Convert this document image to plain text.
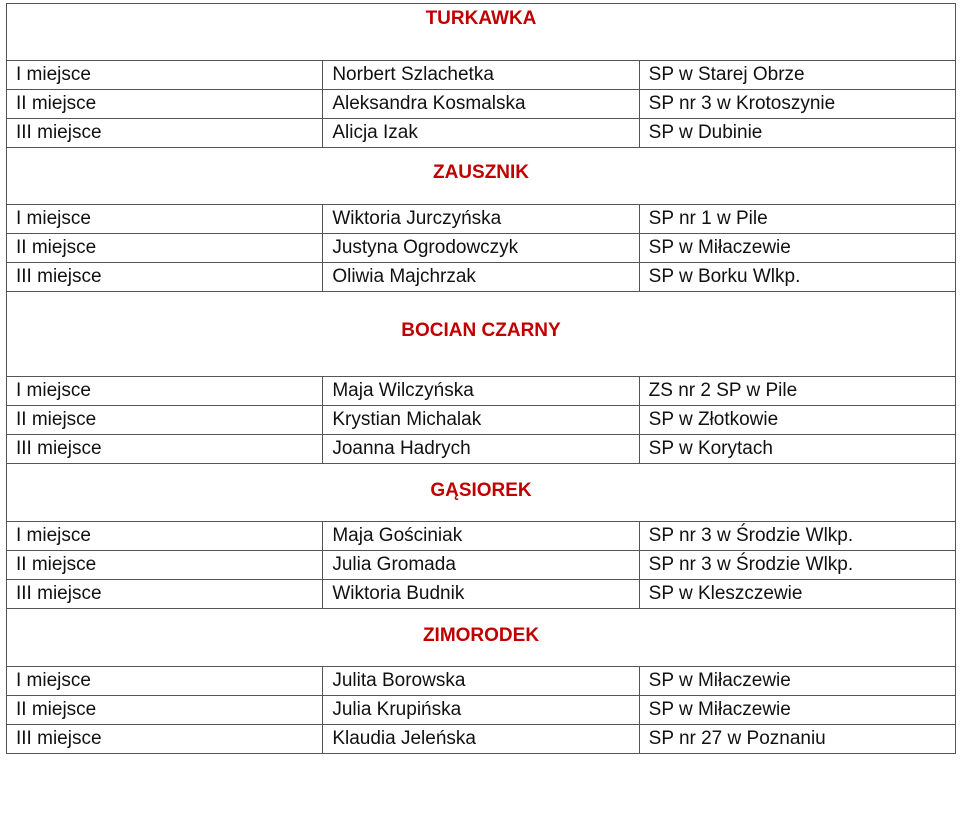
TURKAWKA		

I miejsce	Norbert Szlachetka	SP w Starej Obrze
II miejsce	Aleksandra Kosmalska	SP nr 3 w Krotoszynie
III miejsce	Alicja Izak	SP w Dubinie

ZAUSZNIK		

I miejsce	Wiktoria Jurczyńska	SP nr 1 w Pile
II miejsce	Justyna Ogrodowczyk	SP w Miłaczewie
III miejsce	Oliwia Majchrzak	SP w Borku Wlkp.

BOCIAN CZARNY		

I miejsce	Maja Wilczyńska	ZS nr 2 SP w Pile
II miejsce	Krystian Michalak	SP w Złotkowie
III miejsce	Joanna Hadrych	SP w Korytach

GĄSIOREK		

I miejsce	Maja Gościniak	SP nr 3 w Środzie Wlkp.
II miejsce	Julia Gromada	SP nr 3 w Środzie Wlkp.
III miejsce	Wiktoria Budnik	SP w Kleszczewie

ZIMORODEK		

I miejsce	Julita Borowska	SP w Miłaczewie
II miejsce	Julia Krupińska	SP w Miłaczewie
III miejsce	Klaudia Jeleńska	SP nr 27 w Poznaniu
